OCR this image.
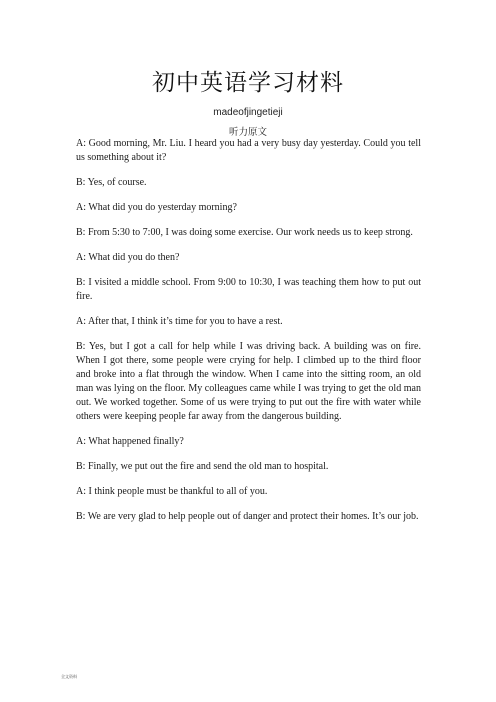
初中英语学习材料
madeofjingetieji
听力原文

A: Good morning, Mr. Liu. I heard you had a very busy day yesterday. Could you tell us something about it?

B: Yes, of course.

A: What did you do yesterday morning?

B: From 5:30 to 7:00, I was doing some exercise. Our work needs us to keep strong.

A: What did you do then?

B: I visited a middle school. From 9:00 to 10:30, I was teaching them how to put out fire.

A: After that, I think it’s time for you to have a rest.

B: Yes, but I got a call for help while I was driving back. A building was on fire. When I got there, some people were crying for help. I climbed up to the third floor and broke into a flat through the window. When I came into the sitting room, an old man was lying on the floor. My colleagues came while I was trying to get the old man out. We worked together. Some of us were trying to put out the fire with water while others were keeping people far away from the dangerous building.

A: What happened finally?

B: Finally, we put out the fire and send the old man to hospital.

A: I think people must be thankful to all of you.

B: We are very glad to help people out of danger and protect their homes. It’s our job.

全文资料
